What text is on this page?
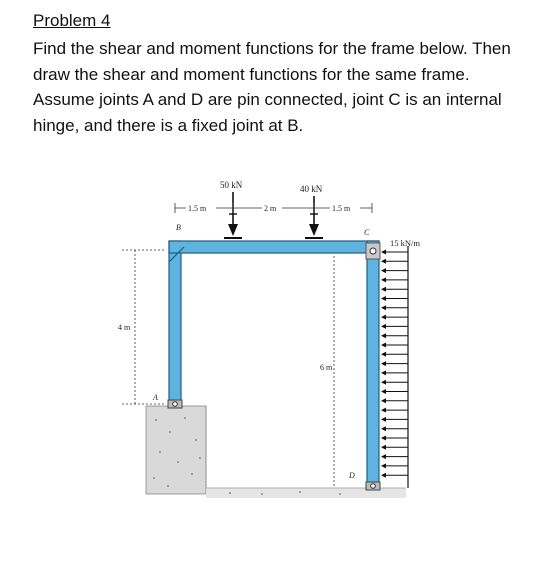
Problem 4

Find the shear and moment functions for the frame below. Then draw the shear and moment functions for the same frame. Assume joints A and D are pin connected, joint C is an internal hinge, and there is a fixed joint at B.

50 kN	40 kN
1.5 m	2 m	1.5 m
4 m
6 m
15 kN/m
B
C
A
D
